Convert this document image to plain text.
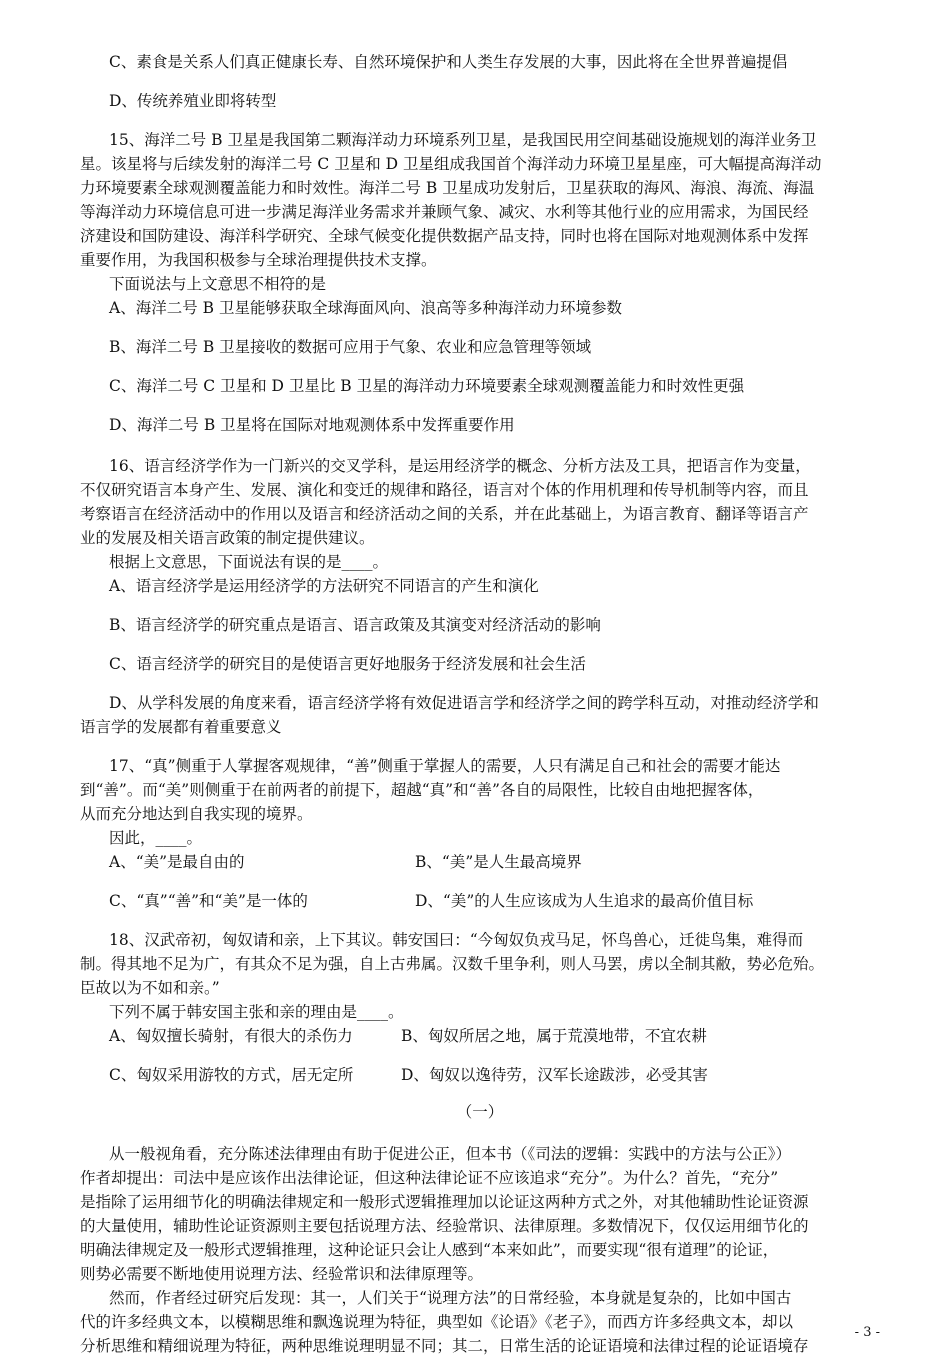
C、素食是关系人们真正健康长寿、自然环境保护和人类生存发展的大事，因此将在全世界普遍提倡

D、传统养殖业即将转型

15、海洋二号 B 卫星是我国第二颗海洋动力环境系列卫星，是我国民用空间基础设施规划的海洋业务卫

星。该星将与后续发射的海洋二号 C 卫星和 D 卫星组成我国首个海洋动力环境卫星星座，可大幅提高海洋动

力环境要素全球观测覆盖能力和时效性。海洋二号 B 卫星成功发射后，卫星获取的海风、海浪、海流、海温

等海洋动力环境信息可进一步满足海洋业务需求并兼顾气象、减灾、水利等其他行业的应用需求，为国民经

济建设和国防建设、海洋科学研究、全球气候变化提供数据产品支持，同时也将在国际对地观测体系中发挥

重要作用，为我国积极参与全球治理提供技术支撑。

下面说法与上文意思不相符的是

A、海洋二号 B 卫星能够获取全球海面风向、浪高等多种海洋动力环境参数

B、海洋二号 B 卫星接收的数据可应用于气象、农业和应急管理等领域

C、海洋二号 C 卫星和 D 卫星比 B 卫星的海洋动力环境要素全球观测覆盖能力和时效性更强

D、海洋二号 B 卫星将在国际对地观测体系中发挥重要作用

16、语言经济学作为一门新兴的交叉学科，是运用经济学的概念、分析方法及工具，把语言作为变量，

不仅研究语言本身产生、发展、演化和变迁的规律和路径，语言对个体的作用机理和传导机制等内容，而且

考察语言在经济活动中的作用以及语言和经济活动之间的关系，并在此基础上，为语言教育、翻译等语言产

业的发展及相关语言政策的制定提供建议。

根据上文意思，下面说法有误的是____。

A、语言经济学是运用经济学的方法研究不同语言的产生和演化

B、语言经济学的研究重点是语言、语言政策及其演变对经济活动的影响

C、语言经济学的研究目的是使语言更好地服务于经济发展和社会生活

D、从学科发展的角度来看，语言经济学将有效促进语言学和经济学之间的跨学科互动，对推动经济学和

语言学的发展都有着重要意义

17、“真”侧重于人掌握客观规律，“善”侧重于掌握人的需要，人只有满足自己和社会的需要才能达

到“善”。而“美”则侧重于在前两者的前提下，超越“真”和“善”各自的局限性，比较自由地把握客体，

从而充分地达到自我实现的境界。

因此，____。

A、“美”是最自由的	B、“美”是人生最高境界

C、“真”“善”和“美”是一体的	D、“美”的人生应该成为人生追求的最高价值目标

18、汉武帝初，匈奴请和亲，上下其议。韩安国曰：“今匈奴负戎马足，怀鸟兽心，迁徙鸟集，难得而

制。得其地不足为广，有其众不足为强，自上古弗属。汉数千里争利，则人马罢，虏以全制其敝，势必危殆。

臣故以为不如和亲。”

下列不属于韩安国主张和亲的理由是____。

A、匈奴擅长骑射，有很大的杀伤力	B、匈奴所居之地，属于荒漠地带，不宜农耕

C、匈奴采用游牧的方式，居无定所	D、匈奴以逸待劳，汉军长途跋涉，必受其害

（一）

从一般视角看，充分陈述法律理由有助于促进公正，但本书（《司法的逻辑：实践中的方法与公正》）

作者却提出：司法中是应该作出法律论证，但这种法律论证不应该追求“充分”。为什么？首先，“充分”

是指除了运用细节化的明确法律规定和一般形式逻辑推理加以论证这两种方式之外，对其他辅助性论证资源

的大量使用，辅助性论证资源则主要包括说理方法、经验常识、法律原理。多数情况下，仅仅运用细节化的

明确法律规定及一般形式逻辑推理，这种论证只会让人感到“本来如此”，而要实现“很有道理”的论证，

则势必需要不断地使用说理方法、经验常识和法律原理等。

然而，作者经过研究后发现：其一，人们关于“说理方法”的日常经验，本身就是复杂的，比如中国古

代的许多经典文本，以模糊思维和飘逸说理为特征，典型如《论语》《老子》，而西方许多经典文本，却以

分析思维和精细说理为特征，两种思维说理明显不同；其二，日常生活的论证语境和法律过程的论证语境存

- 3 -
